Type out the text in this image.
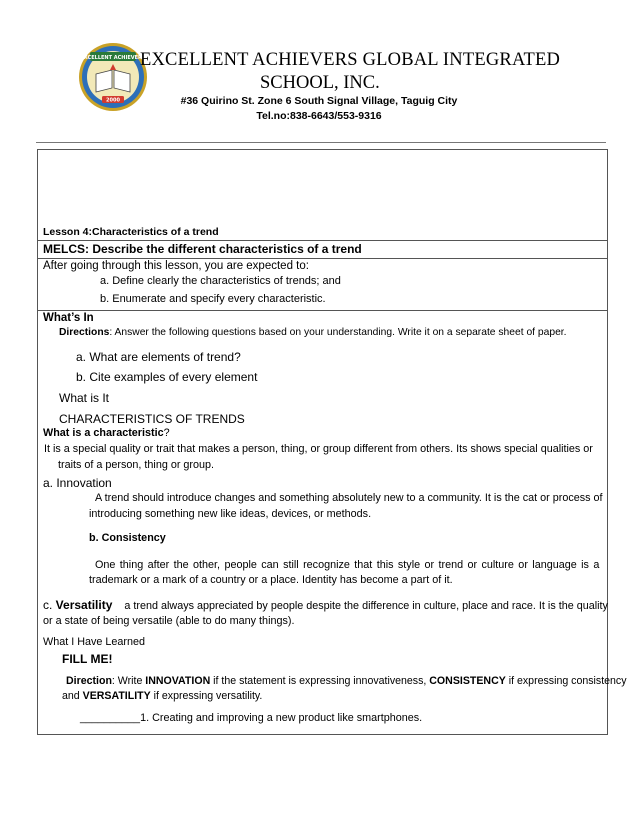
EXCELLENT ACHIEVERS
2000
EXCELLENT ACHIEVERS GLOBAL INTEGRATED
SCHOOL, INC.
#36 Quirino St. Zone 6 South Signal Village, Taguig City
Tel.no:838-6643/553-9316
Lesson 4:Characteristics of a trend
MELCS: Describe the different characteristics of a trend
After going through this lesson, you are expected to:
a. Define clearly the characteristics of trends; and
b. Enumerate and specify every characteristic.
What’s In
Directions: Answer the following questions based on your understanding. Write it on a separate sheet of paper.
a. What are elements of trend?
b. Cite examples of every element
What is It
CHARACTERISTICS OF TRENDS
What is a characteristic?
It is a special quality or trait that makes a person, thing, or group different from others. Its shows special qualities or
traits of a person, thing or group.
a. Innovation
A trend should introduce changes and something absolutely new to a community. It is the cat or process of
introducing something new like ideas, devices, or methods.
b. Consistency
One thing after the other, people can still recognize that this style or trend or culture or language is a
trademark or a mark of a country or a place. Identity has become a part of it.
c. Versatility a trend always appreciated by people despite the difference in culture, place and race. It is the quality
or a state of being versatile (able to do many things).
What I Have Learned
FILL ME!
Direction: Write INNOVATION if the statement is expressing innovativeness, CONSISTENCY if expressing consistency
and VERSATILITY if expressing versatility.
__________1. Creating and improving a new product like smartphones.
